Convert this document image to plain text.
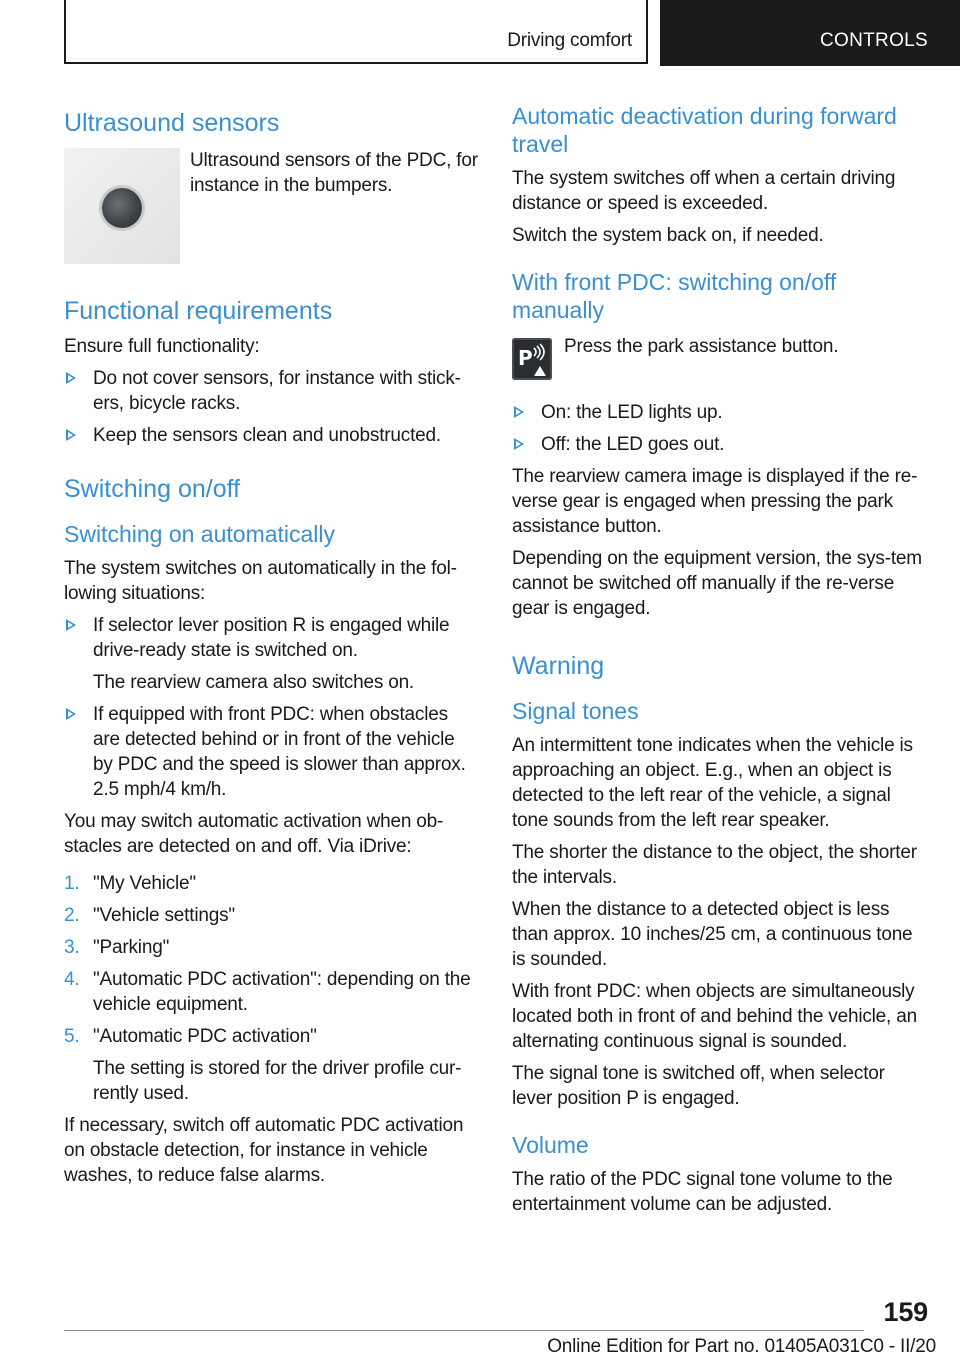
Driving comfort	CONTROLS
Ultrasound sensors

Ultrasound sensors of the PDC, for instance in the bumpers.

Functional requirements

Ensure full functionality:

Do not cover sensors, for instance with stick-ers, bicycle racks.
Keep the sensors clean and unobstructed.
Switching on/off
Switching on automatically

The system switches on automatically in the fol-lowing situations:

If selector lever position R is engaged while drive-ready state is switched on.
The rearview camera also switches on.
If equipped with front PDC: when obstacles are detected behind or in front of the vehicle by PDC and the speed is slower than approx. 2.5 mph/4 km/h.

You may switch automatic activation when ob-stacles are detected on and off. Via iDrive:

1. "My Vehicle"
2. "Vehicle settings"
3. "Parking"
4. "Automatic PDC activation": depending on the vehicle equipment.
5. "Automatic PDC activation"
The setting is stored for the driver profile cur-rently used.

If necessary, switch off automatic PDC activation on obstacle detection, for instance in vehicle washes, to reduce false alarms.

Automatic deactivation during forward travel

The system switches off when a certain driving distance or speed is exceeded.

Switch the system back on, if needed.

With front PDC: switching on/off manually
P Press the park assistance button.

On: the LED lights up.
Off: the LED goes out.

The rearview camera image is displayed if the re-verse gear is engaged when pressing the park assistance button.

Depending on the equipment version, the sys-tem cannot be switched off manually if the re-verse gear is engaged.

Warning
Signal tones

An intermittent tone indicates when the vehicle is approaching an object. E.g., when an object is detected to the left rear of the vehicle, a signal tone sounds from the left rear speaker.

The shorter the distance to the object, the shorter the intervals.

When the distance to a detected object is less than approx. 10 inches/25 cm, a continuous tone is sounded.

With front PDC: when objects are simultaneously located both in front of and behind the vehicle, an alternating continuous signal is sounded.

The signal tone is switched off, when selector lever position P is engaged.

Volume

The ratio of the PDC signal tone volume to the entertainment volume can be adjusted.

159
Online Edition for Part no. 01405A031C0 - II/20
